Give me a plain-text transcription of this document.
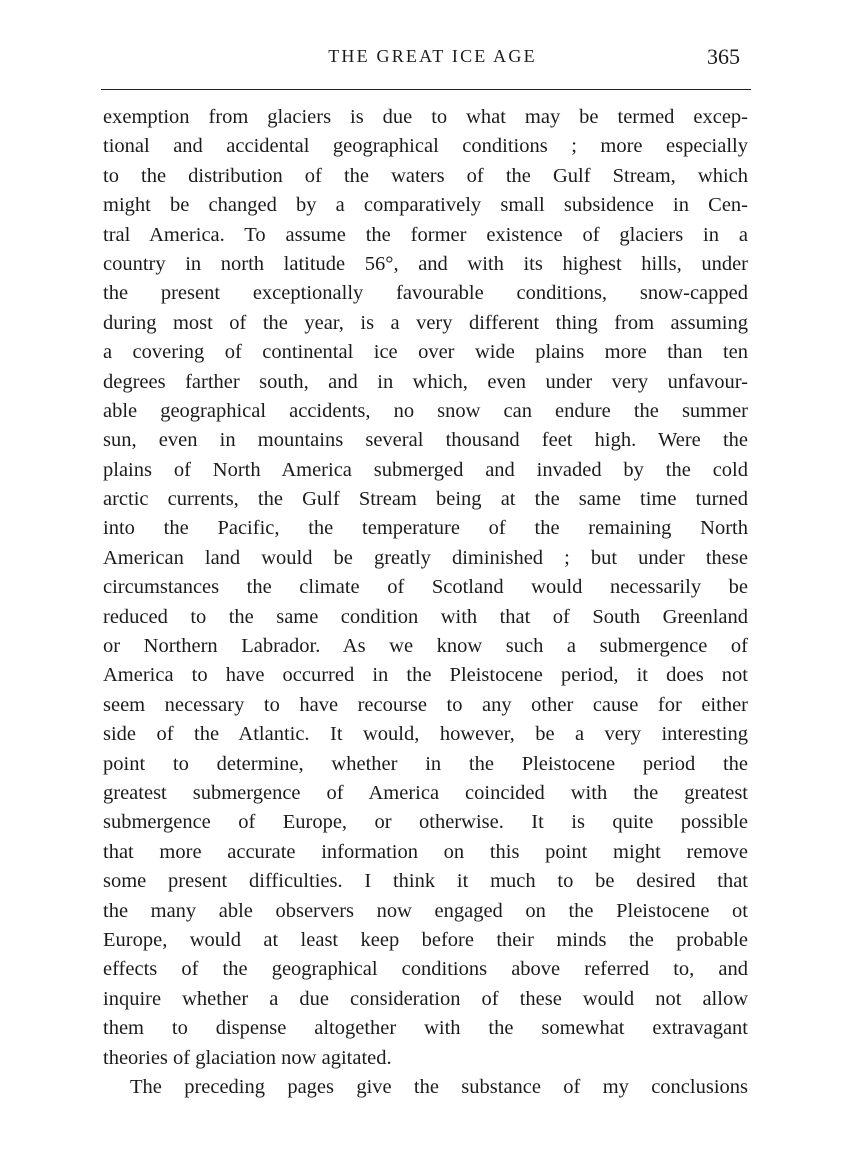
THE GREAT ICE AGE	365
exemption from glaciers is due to what may be termed excep-
tional and accidental geographical conditions ; more especially
to the distribution of the waters of the Gulf Stream, which
might be changed by a comparatively small subsidence in Cen-
tral America. To assume the former existence of glaciers in a
country in north latitude 56°, and with its highest hills, under
the present exceptionally favourable conditions, snow-capped
during most of the year, is a very different thing from assuming
a covering of continental ice over wide plains more than ten
degrees farther south, and in which, even under very unfavour-
able geographical accidents, no snow can endure the summer
sun, even in mountains several thousand feet high. Were the
plains of North America submerged and invaded by the cold
arctic currents, the Gulf Stream being at the same time turned
into the Pacific, the temperature of the remaining North
American land would be greatly diminished ; but under these
circumstances the climate of Scotland would necessarily be
reduced to the same condition with that of South Greenland
or Northern Labrador. As we know such a submergence of
America to have occurred in the Pleistocene period, it does not
seem necessary to have recourse to any other cause for either
side of the Atlantic. It would, however, be a very interesting
point to determine, whether in the Pleistocene period the
greatest submergence of America coincided with the greatest
submergence of Europe, or otherwise. It is quite possible
that more accurate information on this point might remove
some present difficulties. I think it much to be desired that
the many able observers now engaged on the Pleistocene ot
Europe, would at least keep before their minds the probable
effects of the geographical conditions above referred to, and
inquire whether a due consideration of these would not allow
them to dispense altogether with the somewhat extravagant
theories of glaciation now agitated.
The preceding pages give the substance of my conclusions
